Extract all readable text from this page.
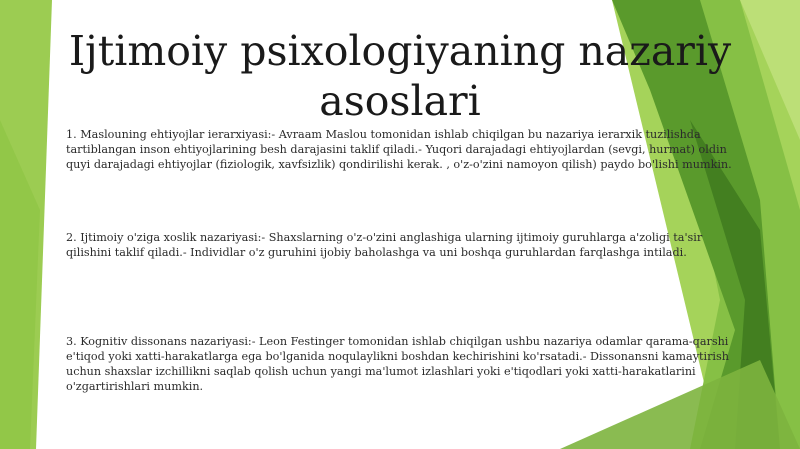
Ijtimoiy psixologiyaning nazariy asoslari

1. Maslouning ehtiyojlar ierarxiyasi:- Avraam Maslou tomonidan ishlab chiqilgan bu nazariya ierarxik tuzilishda tartiblangan inson ehtiyojlarining besh darajasini taklif qiladi.- Yuqori darajadagi ehtiyojlardan (sevgi, hurmat) oldin quyi darajadagi ehtiyojlar (fiziologik, xavfsizlik) qondirilishi kerak. , o'z-o'zini namoyon qilish) paydo bo'lishi mumkin.

2. Ijtimoiy o'ziga xoslik nazariyasi:- Shaxslarning o'z-o'zini anglashiga ularning ijtimoiy guruhlarga a'zoligi ta'sir qilishini taklif qiladi.- Individlar o'z guruhini ijobiy baholashga va uni boshqa guruhlardan farqlashga intiladi.

3. Kognitiv dissonans nazariyasi:- Leon Festinger tomonidan ishlab chiqilgan ushbu nazariya odamlar qarama-qarshi e'tiqod yoki xatti-harakatlarga ega bo'lganida noqulaylikni boshdan kechirishini ko'rsatadi.- Dissonansni kamaytirish uchun shaxslar izchillikni saqlab qolish uchun yangi ma'lumot izlashlari yoki e'tiqodlari yoki xatti-harakatlarini o'zgartirishlari mumkin.
